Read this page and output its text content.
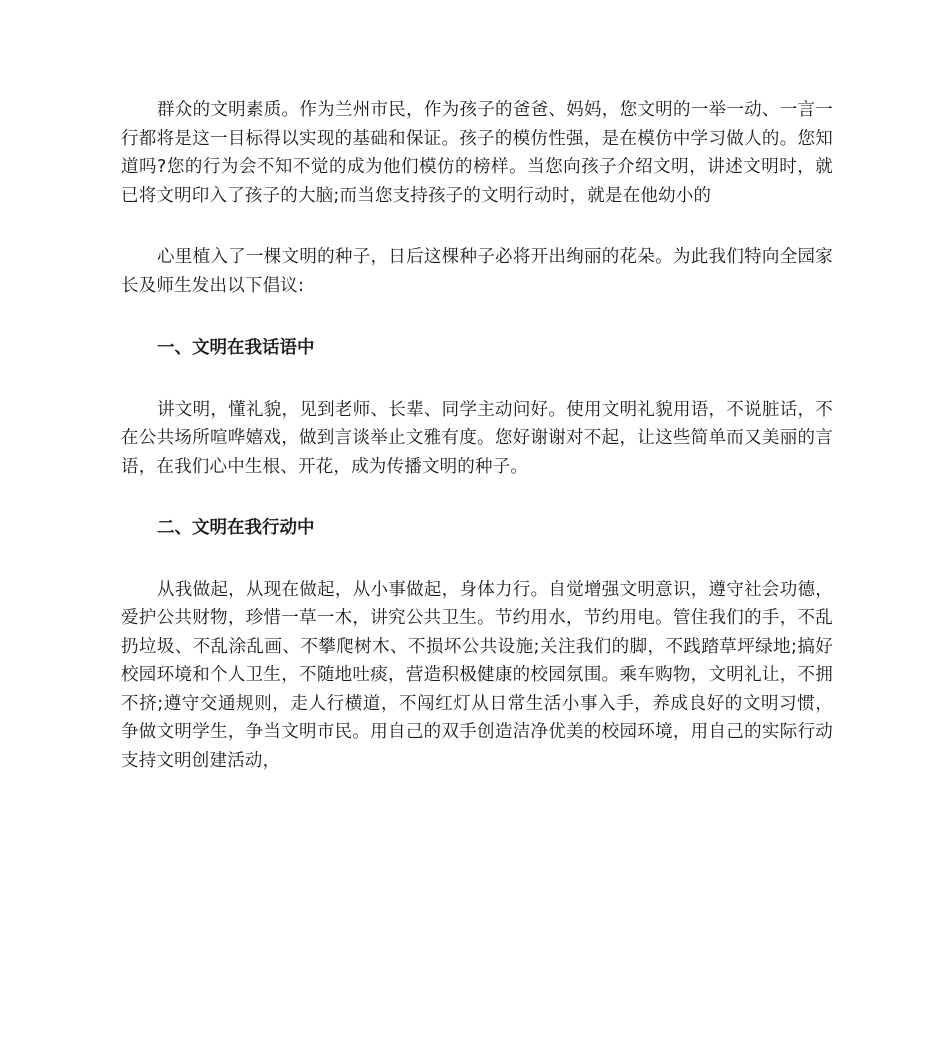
群众的文明素质。作为兰州市民，作为孩子的爸爸、妈妈，您文明的一举一动、一言一行都将是这一目标得以实现的基础和保证。孩子的模仿性强，是在模仿中学习做人的。您知道吗?您的行为会不知不觉的成为他们模仿的榜样。当您向孩子介绍文明，讲述文明时，就已将文明印入了孩子的大脑;而当您支持孩子的文明行动时，就是在他幼小的

心里植入了一棵文明的种子，日后这棵种子必将开出绚丽的花朵。为此我们特向全园家长及师生发出以下倡议:

一、文明在我话语中

讲文明，懂礼貌，见到老师、长辈、同学主动问好。使用文明礼貌用语，不说脏话，不在公共场所喧哗嬉戏，做到言谈举止文雅有度。您好谢谢对不起，让这些简单而又美丽的言语，在我们心中生根、开花，成为传播文明的种子。

二、文明在我行动中

从我做起，从现在做起，从小事做起，身体力行。自觉增强文明意识，遵守社会功德，爱护公共财物，珍惜一草一木，讲究公共卫生。节约用水，节约用电。管住我们的手，不乱扔垃圾、不乱涂乱画、不攀爬树木、不损坏公共设施;关注我们的脚，不践踏草坪绿地;搞好校园环境和个人卫生，不随地吐痰，营造积极健康的校园氛围。乘车购物，文明礼让，不拥不挤;遵守交通规则，走人行横道，不闯红灯从日常生活小事入手，养成良好的文明习惯，争做文明学生，争当文明市民。用自己的双手创造洁净优美的校园环境，用自己的实际行动支持文明创建活动，
